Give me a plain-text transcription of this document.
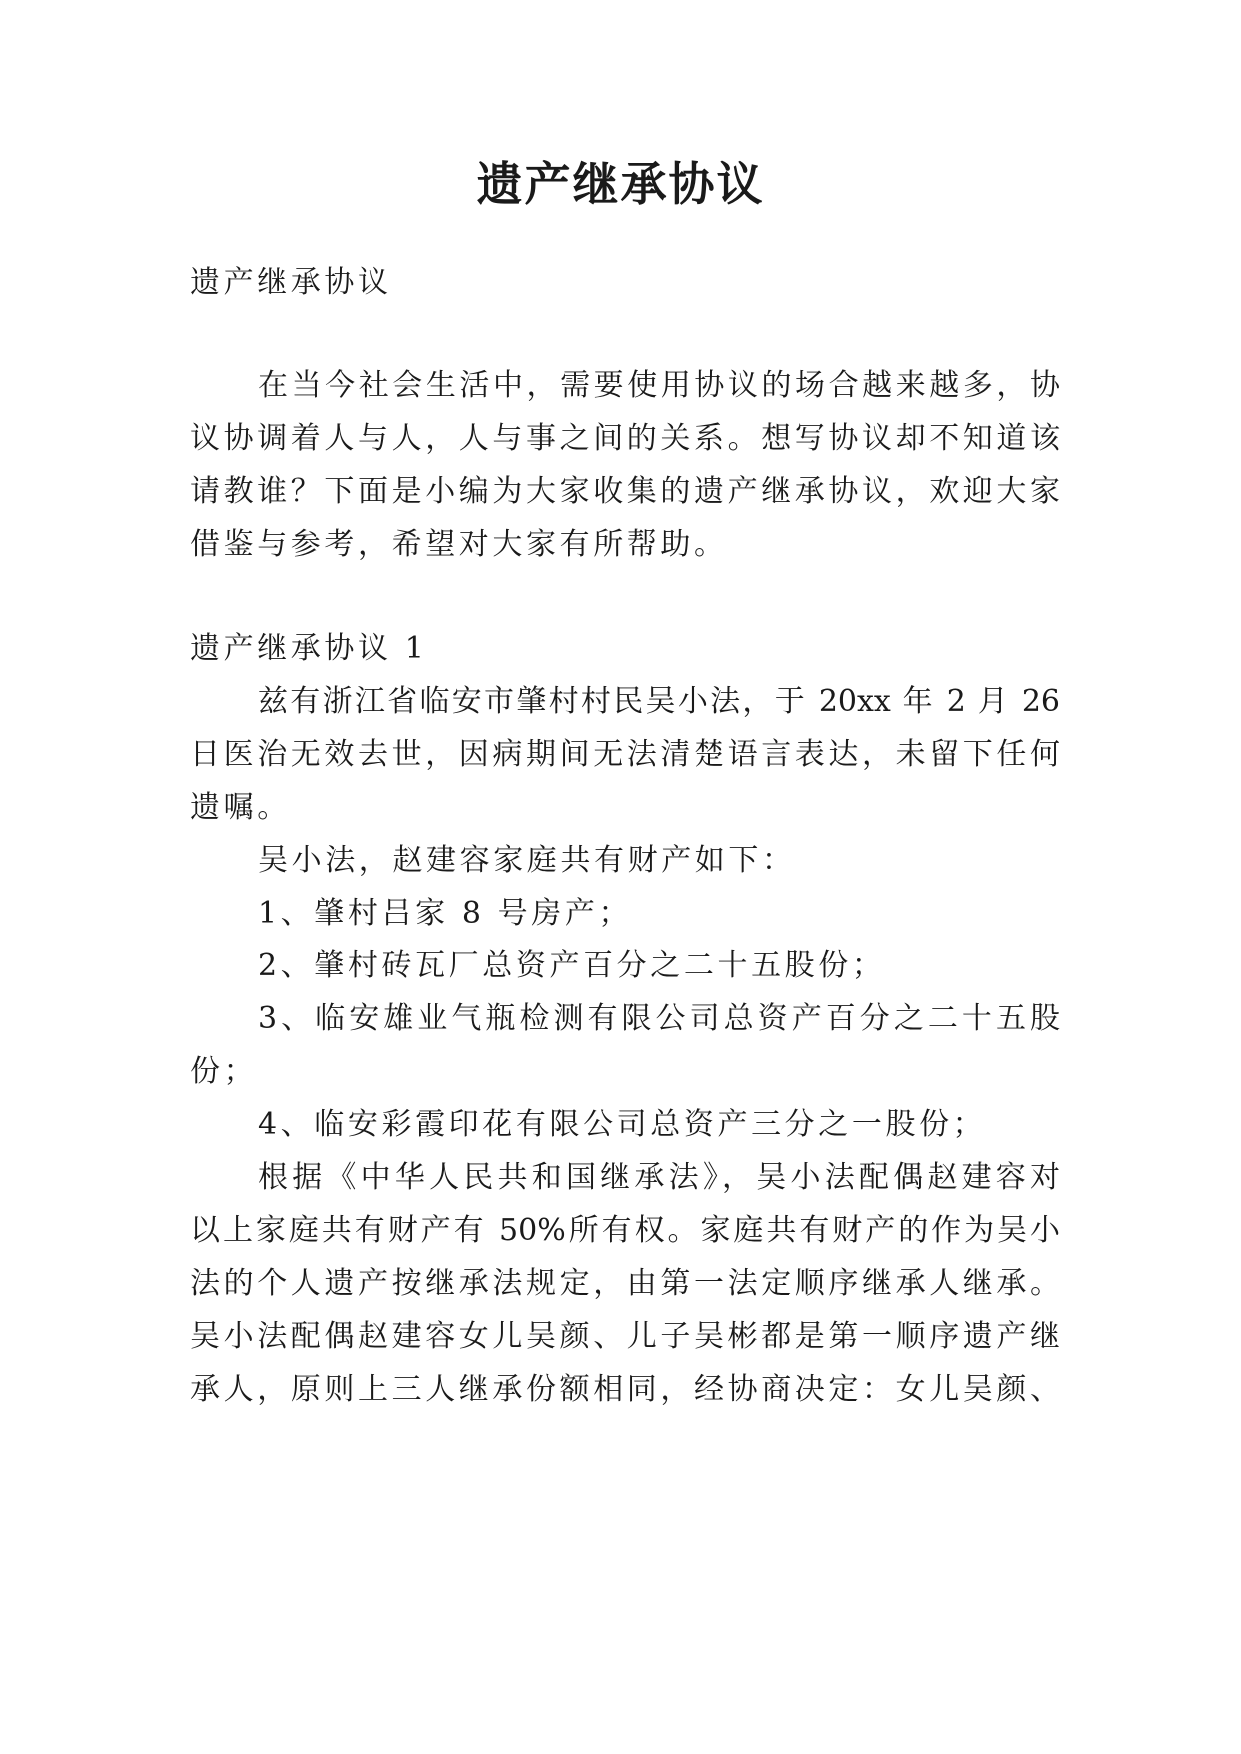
遗产继承协议
遗产继承协议
在当今社会生活中，需要使用协议的场合越来越多，协
议协调着人与人，人与事之间的关系。想写协议却不知道该
请教谁？下面是小编为大家收集的遗产继承协议，欢迎大家
借鉴与参考，希望对大家有所帮助。
遗产继承协议 1
兹有浙江省临安市肇村村民吴小法，于 20xx 年 2 月 26
日医治无效去世，因病期间无法清楚语言表达，未留下任何
遗嘱。
吴小法，赵建容家庭共有财产如下：
1、肇村吕家 8 号房产；
2、肇村砖瓦厂总资产百分之二十五股份；
3、临安雄业气瓶检测有限公司总资产百分之二十五股
份；
4、临安彩霞印花有限公司总资产三分之一股份；
根据《中华人民共和国继承法》，吴小法配偶赵建容对
以上家庭共有财产有 50%所有权。家庭共有财产的作为吴小
法的个人遗产按继承法规定，由第一法定顺序继承人继承。
吴小法配偶赵建容女儿吴颜、儿子吴彬都是第一顺序遗产继
承人，原则上三人继承份额相同，经协商决定：女儿吴颜、
